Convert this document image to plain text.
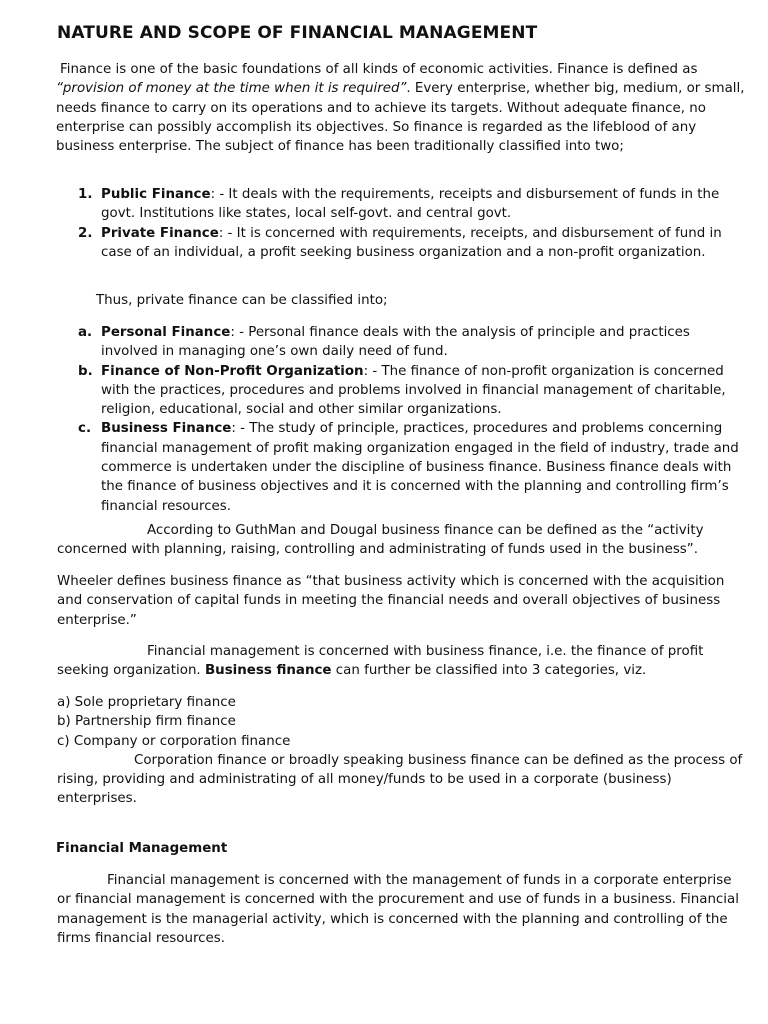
NATURE AND SCOPE OF FINANCIAL MANAGEMENT

Finance is one of the basic foundations of all kinds of economic activities. Finance is defined as “provision of money at the time when it is required”. Every enterprise, whether big, medium, or small, needs finance to carry on its operations and to achieve its targets. Without adequate finance, no enterprise can possibly accomplish its objectives. So finance is regarded as the lifeblood of any business enterprise. The subject of finance has been traditionally classified into two;

1. Public Finance: - It deals with the requirements, receipts and disbursement of funds in the govt. Institutions like states, local self-govt. and central govt.
2. Private Finance: - It is concerned with requirements, receipts, and disbursement of fund in case of an individual, a profit seeking business organization and a non-profit organization.

Thus, private finance can be classified into;

a. Personal Finance: - Personal finance deals with the analysis of principle and practices involved in managing one’s own daily need of fund.
b. Finance of Non-Profit Organization: - The finance of non-profit organization is concerned with the practices, procedures and problems involved in financial management of charitable, religion, educational, social and other similar organizations.
c. Business Finance: - The study of principle, practices, procedures and problems concerning financial management of profit making organization engaged in the field of industry, trade and commerce is undertaken under the discipline of business finance. Business finance deals with the finance of business objectives and it is concerned with the planning and controlling firm’s financial resources.

According to GuthMan and Dougal business finance can be defined as the “activity concerned with planning, raising, controlling and administrating of funds used in the business”.

Wheeler defines business finance as “that business activity which is concerned with the acquisition and conservation of capital funds in meeting the financial needs and overall objectives of business enterprise.”

Financial management is concerned with business finance, i.e. the finance of profit seeking organization. Business finance can further be classified into 3 categories, viz.

a) Sole proprietary finance

b) Partnership firm finance

c) Company or corporation finance

Corporation finance or broadly speaking business finance can be defined as the process of rising, providing and administrating of all money/funds to be used in a corporate (business) enterprises.

Financial Management

Financial management is concerned with the management of funds in a corporate enterprise or financial management is concerned with the procurement and use of funds in a business. Financial management is the managerial activity, which is concerned with the planning and controlling of the firms financial resources.
